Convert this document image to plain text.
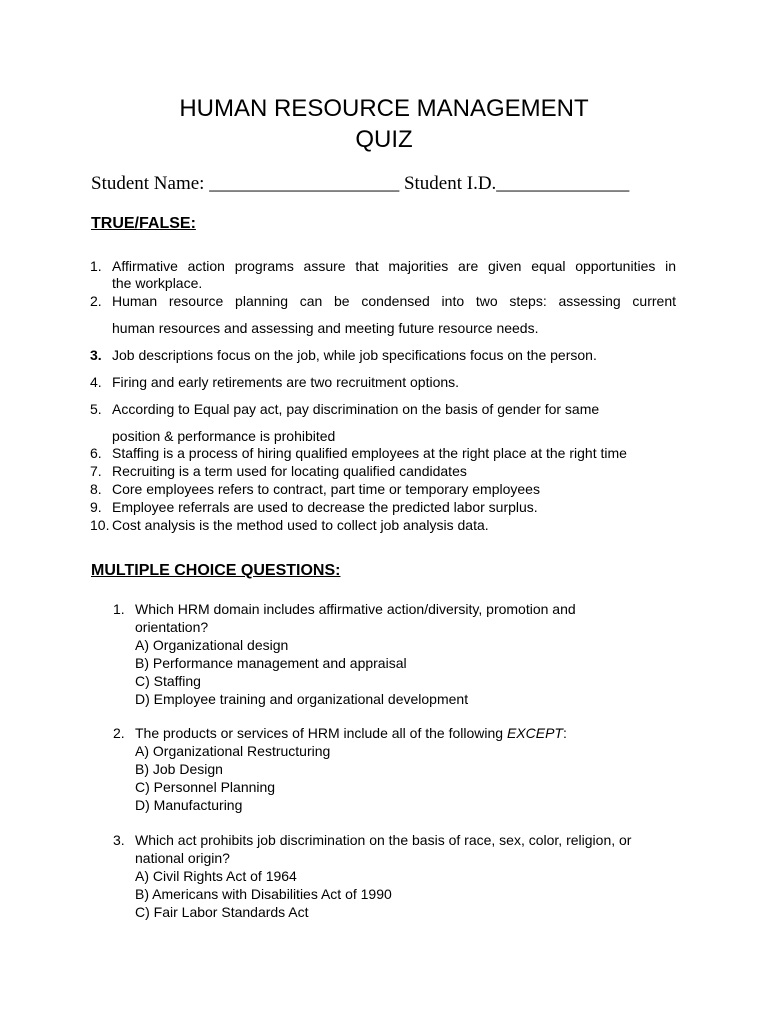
HUMAN RESOURCE MANAGEMENT
QUIZ
Student Name: ____________________ Student I.D.______________
TRUE/FALSE:
1. Affirmative action programs assure that majorities are given equal opportunities in
the workplace.
2. Human resource planning can be condensed into two steps: assessing current
human resources and assessing and meeting future resource needs.
3. Job descriptions focus on the job, while job specifications focus on the person.
4. Firing and early retirements are two recruitment options.
5. According to Equal pay act, pay discrimination on the basis of gender for same
position & performance is prohibited
6. Staffing is a process of hiring qualified employees at the right place at the right time
7. Recruiting is a term used for locating qualified candidates
8. Core employees refers to contract, part time or temporary employees
9. Employee referrals are used to decrease the predicted labor surplus.
10. Cost analysis is the method used to collect job analysis data.
MULTIPLE CHOICE QUESTIONS:
1. Which HRM domain includes affirmative action/diversity, promotion and
orientation?
A) Organizational design
B) Performance management and appraisal
C) Staffing
D) Employee training and organizational development
2. The products or services of HRM include all of the following EXCEPT:
A) Organizational Restructuring
B) Job Design
C) Personnel Planning
D) Manufacturing
3. Which act prohibits job discrimination on the basis of race, sex, color, religion, or
national origin?
A) Civil Rights Act of 1964
B) Americans with Disabilities Act of 1990
C) Fair Labor Standards Act
